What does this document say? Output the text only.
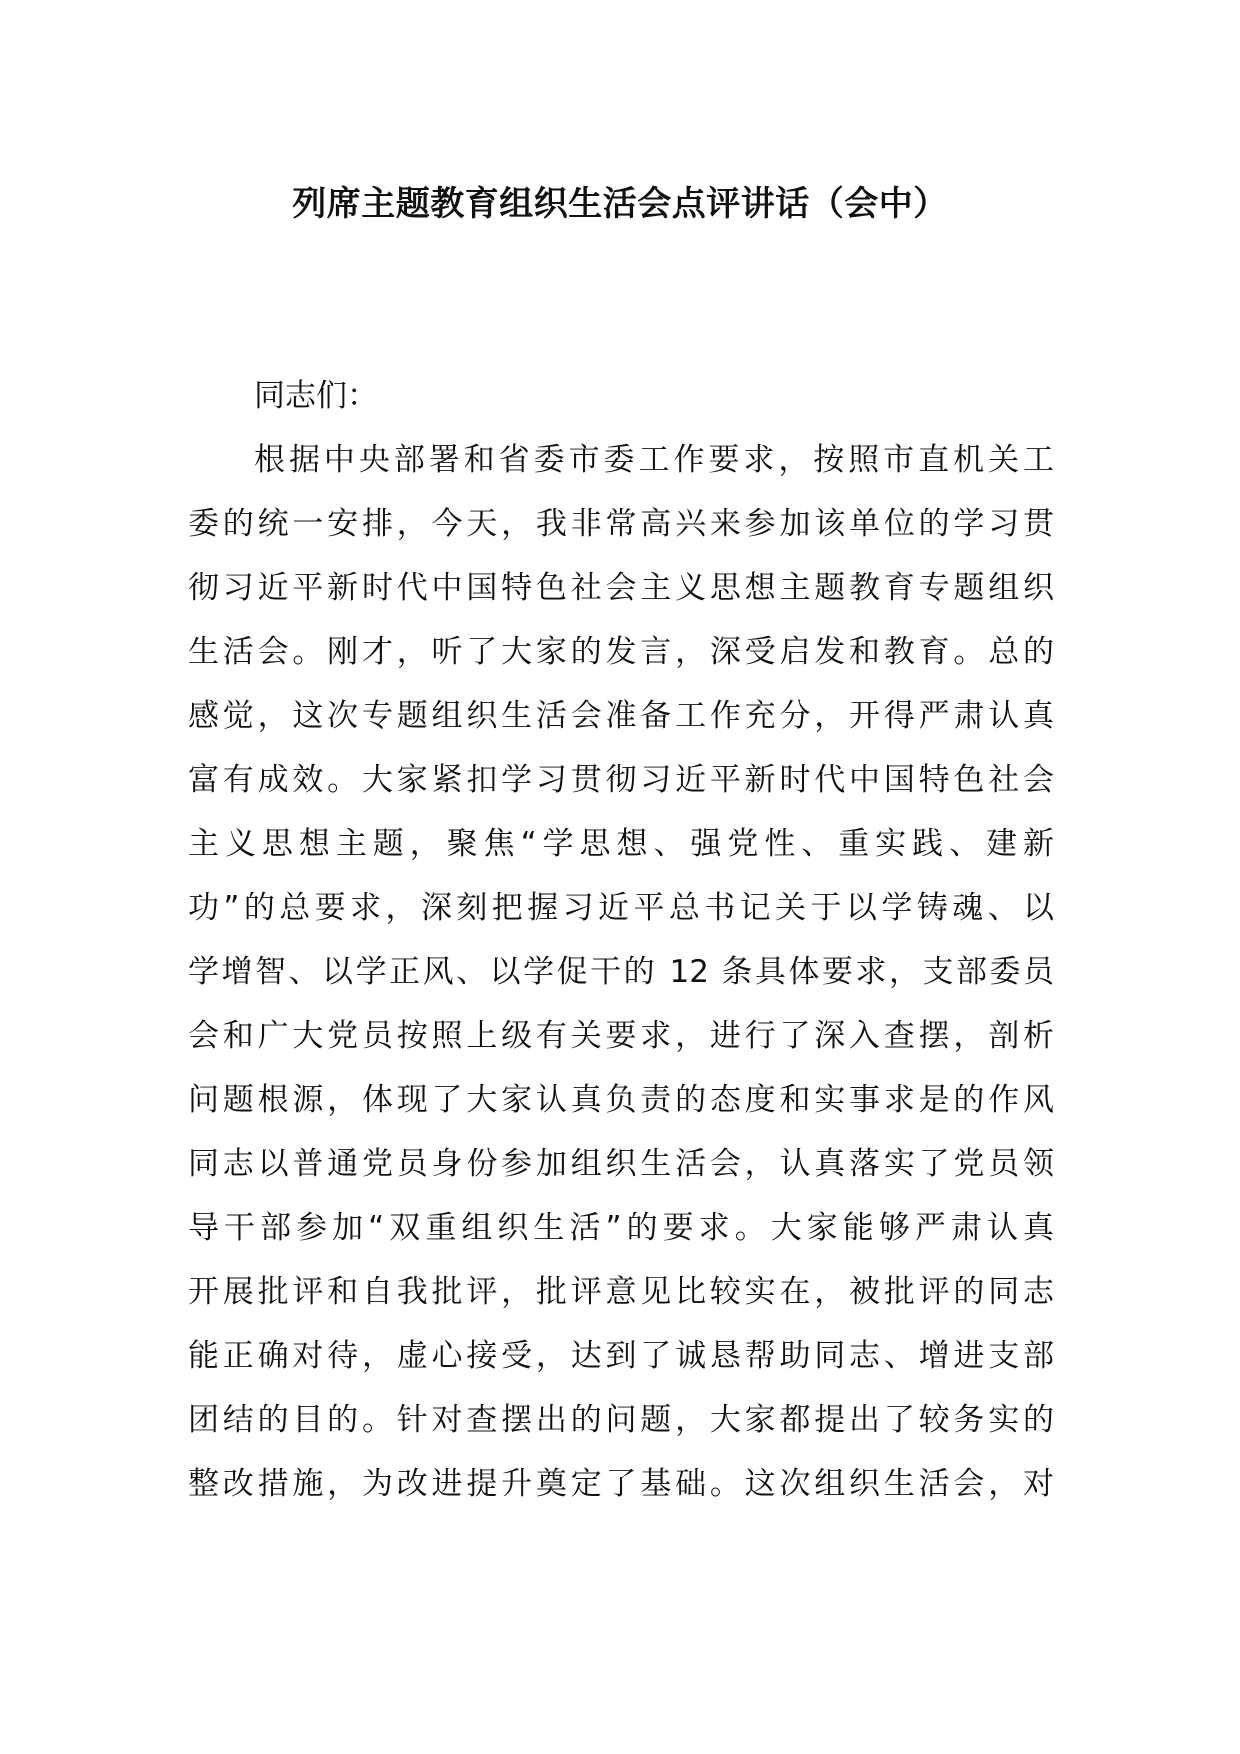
列席主题教育组织生活会点评讲话（会中）
同志们：
根据中央部署和省委市委工作要求，按照市直机关工
委的统一安排，今天，我非常高兴来参加该单位的学习贯
彻习近平新时代中国特色社会主义思想主题教育专题组织
生活会。刚才，听了大家的发言，深受启发和教育。总的
感觉，这次专题组织生活会准备工作充分，开得严肃认真
富有成效。大家紧扣学习贯彻习近平新时代中国特色社会
主义思想主题，聚焦“学思想、强党性、重实践、建新
功”的总要求，深刻把握习近平总书记关于以学铸魂、以
学增智、以学正风、以学促干的 12 条具体要求，支部委员
会和广大党员按照上级有关要求，进行了深入查摆，剖析
问题根源，体现了大家认真负责的态度和实事求是的作风
同志以普通党员身份参加组织生活会，认真落实了党员领
导干部参加“双重组织生活”的要求。大家能够严肃认真
开展批评和自我批评，批评意见比较实在，被批评的同志
能正确对待，虚心接受，达到了诚恳帮助同志、增进支部
团结的目的。针对查摆出的问题，大家都提出了较务实的
整改措施，为改进提升奠定了基础。这次组织生活会，对
